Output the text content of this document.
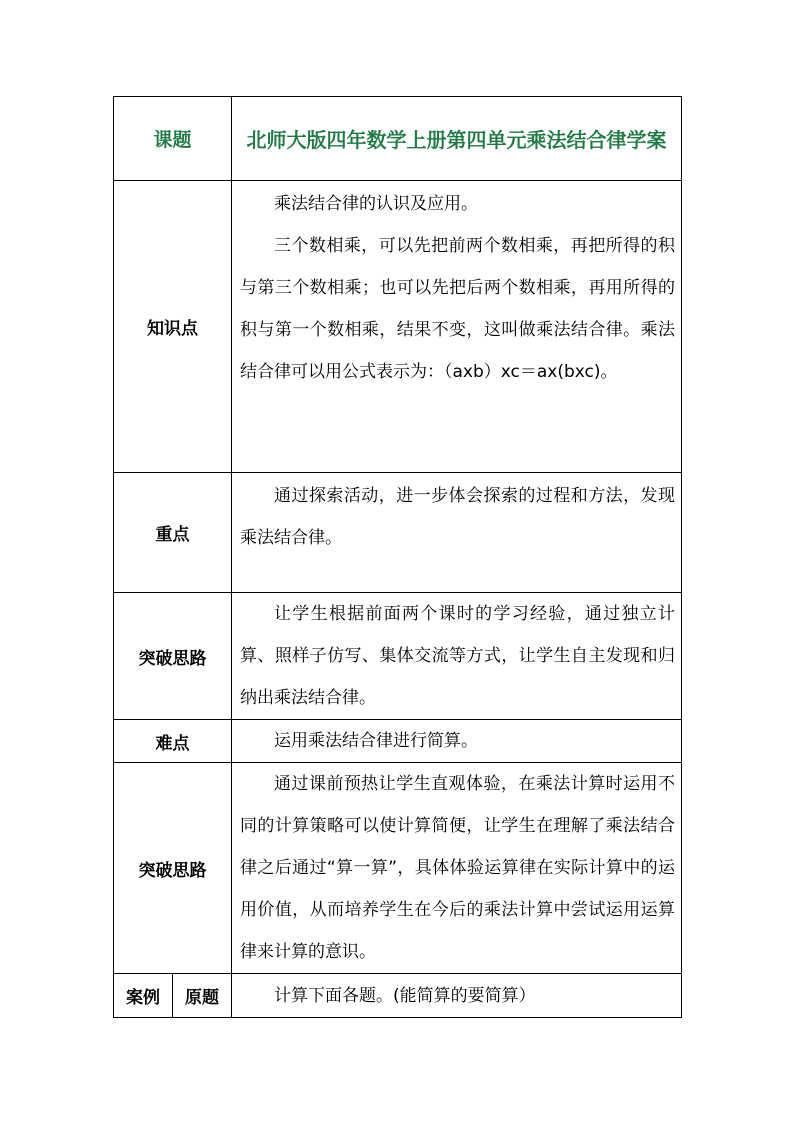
课题		北师大版四年数学上册第四单元乘法结合律学案
知识点		乘法结合律的认识及应用。

三个数相乘，可以先把前两个数相乘，再把所得的积与第三个数相乘；也可以先把后两个数相乘，再用所得的积与第一个数相乘，结果不变，这叫做乘法结合律。乘法结合律可以用公式表示为：（axb）xc＝ax(bxc)。

重点		通过探索活动，进一步体会探索的过程和方法，发现乘法结合律。

突破思路		让学生根据前面两个课时的学习经验，通过独立计算、照样子仿写、集体交流等方式，让学生自主发现和归纳出乘法结合律。

难点		运用乘法结合律进行简算。

突破思路		通过课前预热让学生直观体验，在乘法计算时运用不同的计算策略可以使计算简便，让学生在理解了乘法结合律之后通过“算一算”，具体体验运算律在实际计算中的运用价值，从而培养学生在今后的乘法计算中尝试运用运算律来计算的意识。

案例	原题	计算下面各题。(能简算的要简算）
